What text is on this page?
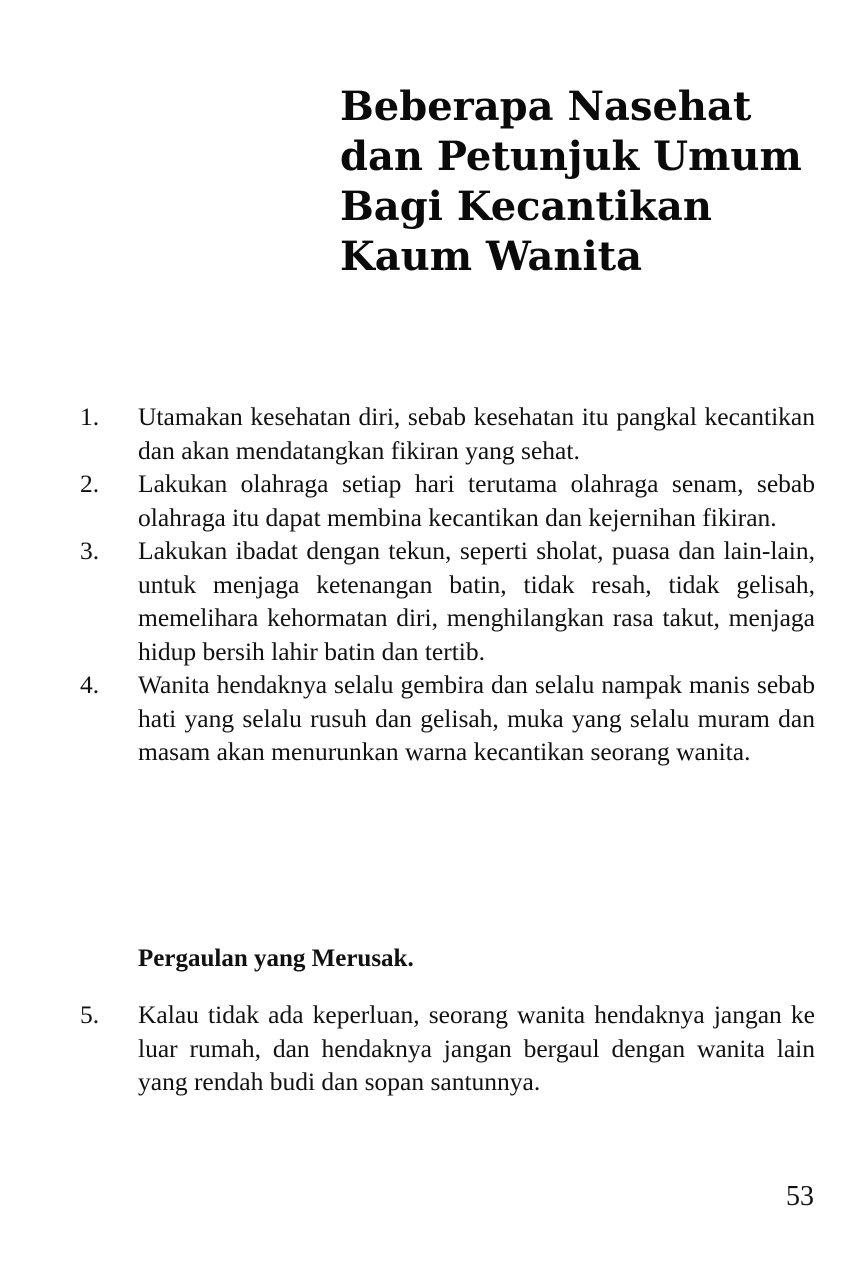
Beberapa Nasehat
dan Petunjuk Umum
Bagi Kecantikan
Kaum Wanita
1. Utamakan kesehatan diri, sebab kesehatan itu pangkal kecantikan dan akan mendatangkan fikiran yang sehat.
2. Lakukan olahraga setiap hari terutama olahraga senam, sebab olahraga itu dapat membina kecantikan dan kejernihan fikiran.
3. Lakukan ibadat dengan tekun, seperti sholat, puasa dan lain-lain, untuk menjaga ketenangan batin, tidak resah, tidak gelisah, memelihara kehormatan diri, menghilangkan rasa takut, menjaga hidup bersih lahir batin dan tertib.
4. Wanita hendaknya selalu gembira dan selalu nampak manis sebab hati yang selalu rusuh dan gelisah, muka yang selalu muram dan masam akan menurunkan warna kecantikan seorang wanita.
Pergaulan yang Merusak.
5. Kalau tidak ada keperluan, seorang wanita hendaknya jangan ke luar rumah, dan hendaknya jangan bergaul dengan wanita lain yang rendah budi dan sopan santunnya.
53
